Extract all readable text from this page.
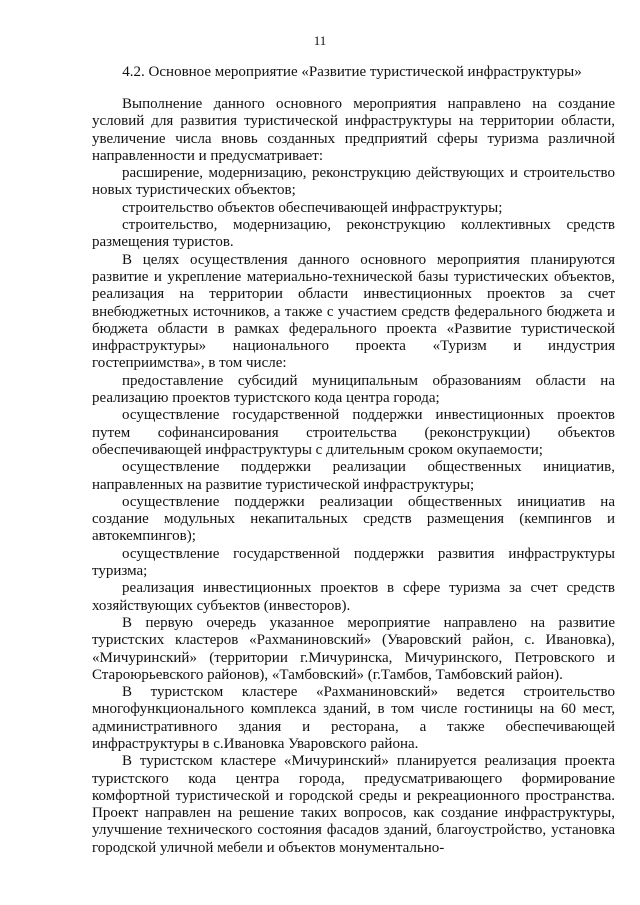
11
4.2. Основное мероприятие «Развитие туристической инфраструктуры»

Выполнение данного основного мероприятия направлено на создание условий для развития туристической инфраструктуры на территории области, увеличение числа вновь созданных предприятий сферы туризма различной направленности и предусматривает:

расширение, модернизацию, реконструкцию действующих и строительство новых туристических объектов;

строительство объектов обеспечивающей инфраструктуры;

строительство, модернизацию, реконструкцию коллективных средств размещения туристов.

В целях осуществления данного основного мероприятия планируются развитие и укрепление материально-технической базы туристических объектов, реализация на территории области инвестиционных проектов за счет внебюджетных источников, а также с участием средств федерального бюджета и бюджета области в рамках федерального проекта «Развитие туристической инфраструктуры» национального проекта «Туризм и индустрия гостеприимства», в том числе:

предоставление субсидий муниципальным образованиям области на реализацию проектов туристского кода центра города;

осуществление государственной поддержки инвестиционных проектов путем софинансирования строительства (реконструкции) объектов обеспечивающей инфраструктуры с длительным сроком окупаемости;

осуществление поддержки реализации общественных инициатив, направленных на развитие туристической инфраструктуры;

осуществление поддержки реализации общественных инициатив на создание модульных некапитальных средств размещения (кемпингов и автокемпингов);

осуществление государственной поддержки развития инфраструктуры туризма;

реализация инвестиционных проектов в сфере туризма за счет средств хозяйствующих субъектов (инвесторов).

В первую очередь указанное мероприятие направлено на развитие туристских кластеров «Рахманиновский» (Уваровский район, с. Ивановка), «Мичуринский» (территории г.Мичуринска, Мичуринского, Петровского и Староюрьевского районов), «Тамбовский» (г.Тамбов, Тамбовский район).

В туристском кластере «Рахманиновский» ведется строительство многофункционального комплекса зданий, в том числе гостиницы на 60 мест, административного здания и ресторана, а также обеспечивающей инфраструктуры в с.Ивановка Уваровского района.

В туристском кластере «Мичуринский» планируется реализация проекта туристского кода центра города, предусматривающего формирование комфортной туристической и городской среды и рекреационного пространства. Проект направлен на решение таких вопросов, как создание инфраструктуры, улучшение технического состояния фасадов зданий, благоустройство, установка городской уличной мебели и объектов монументально-
